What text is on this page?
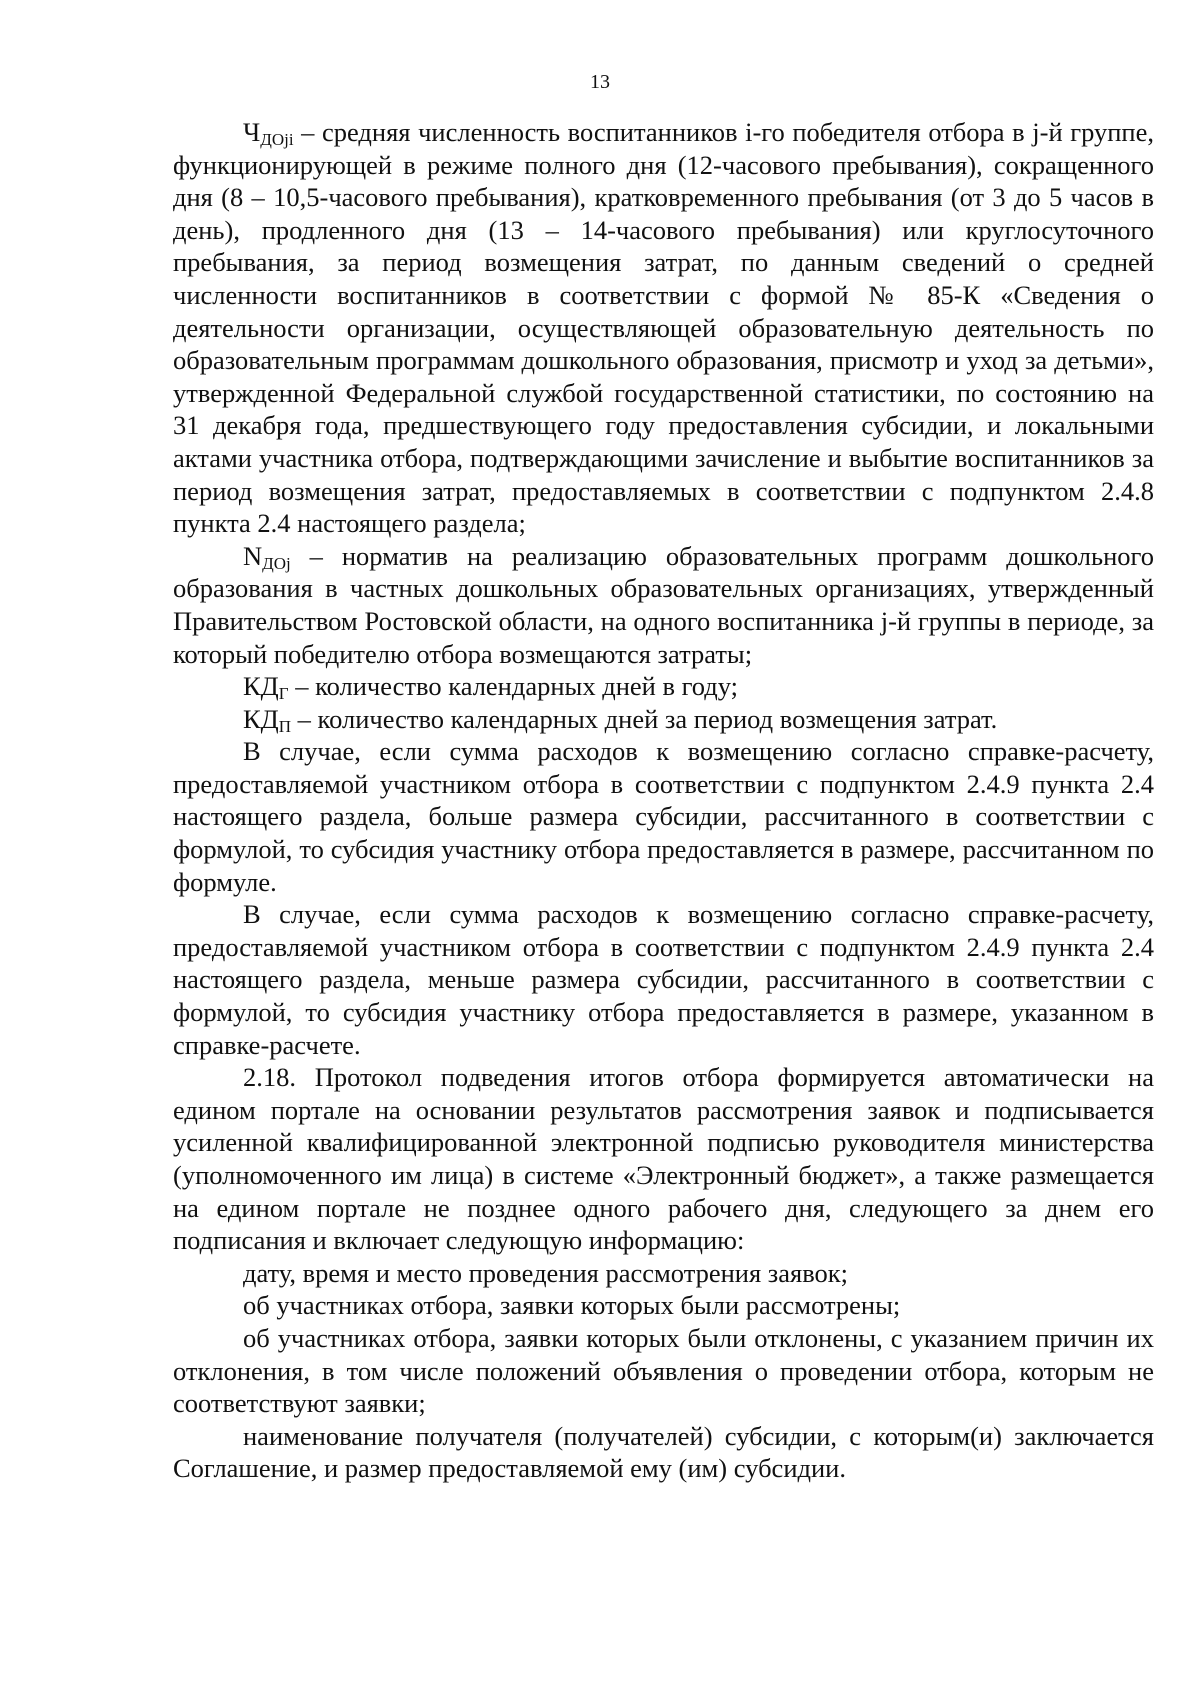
13

$Ч_{ДОji}$ – средняя численность воспитанников i-го победителя отбора в j-й группе, функционирующей в режиме полного дня (12-часового пребывания), сокращенного дня (8 – 10,5-часового пребывания), кратковременного пребывания (от 3 до 5 часов в день), продленного дня (13 – 14-часового пребывания) или круглосуточного пребывания, за период возмещения затрат, по данным сведений о средней численности воспитанников в соответствии с формой № 85-К «Сведения о деятельности организации, осуществляющей образовательную деятельность по образовательным программам дошкольного образования, присмотр и уход за детьми», утвержденной Федеральной службой государственной статистики, по состоянию на 31 декабря года, предшествующего году предоставления субсидии, и локальными актами участника отбора, подтверждающими зачисление и выбытие воспитанников за период возмещения затрат, предоставляемых в соответствии с подпунктом 2.4.8 пункта 2.4 настоящего раздела;

$N_{ДОj}$ – норматив на реализацию образовательных программ дошкольного образования в частных дошкольных образовательных организациях, утвержденный Правительством Ростовской области, на одного воспитанника j-й группы в периоде, за который победителю отбора возмещаются затраты;

$КД_Г$ – количество календарных дней в году;

$КД_П$ – количество календарных дней за период возмещения затрат.

В случае, если сумма расходов к возмещению согласно справке-расчету, предоставляемой участником отбора в соответствии с подпунктом 2.4.9 пункта 2.4 настоящего раздела, больше размера субсидии, рассчитанного в соответствии с формулой, то субсидия участнику отбора предоставляется в размере, рассчитанном по формуле.

В случае, если сумма расходов к возмещению согласно справке-расчету, предоставляемой участником отбора в соответствии с подпунктом 2.4.9 пункта 2.4 настоящего раздела, меньше размера субсидии, рассчитанного в соответствии с формулой, то субсидия участнику отбора предоставляется в размере, указанном в справке-расчете.

2.18. Протокол подведения итогов отбора формируется автоматически на едином портале на основании результатов рассмотрения заявок и подписывается усиленной квалифицированной электронной подписью руководителя министерства (уполномоченного им лица) в системе «Электронный бюджет», а также размещается на едином портале не позднее одного рабочего дня, следующего за днем его подписания и включает следующую информацию:

дату, время и место проведения рассмотрения заявок;

об участниках отбора, заявки которых были рассмотрены;

об участниках отбора, заявки которых были отклонены, с указанием причин их отклонения, в том числе положений объявления о проведении отбора, которым не соответствуют заявки;

наименование получателя (получателей) субсидии, с которым(и) заключается Соглашение, и размер предоставляемой ему (им) субсидии.
